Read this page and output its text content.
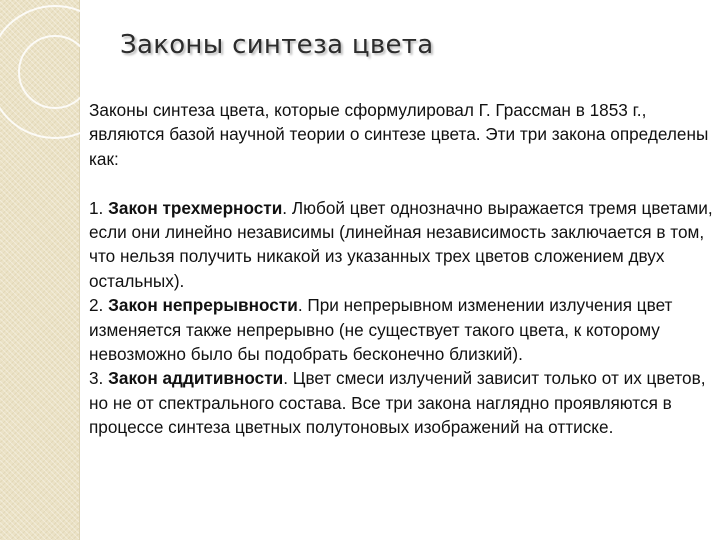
Законы синтеза цвета

Законы синтеза цвета, которые сформулировал Г. Грассман в 1853 г., являются базой научной теории о синтезе цвета. Эти три закона определены как:

1. Закон трехмерности. Любой цвет однозначно выражается тремя цветами, если они линейно независимы (линейная независимость заключается в том, что нельзя получить никакой из указанных трех цветов сложением двух остальных).

2. Закон непрерывности. При непрерывном изменении излучения цвет изменяется также непрерывно (не существует такого цвета, к которому невозможно было бы подобрать бесконечно близкий).

3. Закон аддитивности. Цвет смеси излучений зависит только от их цветов, но не от спектрального состава. Все три закона наглядно проявляются в процессе синтеза цветных полутоновых изображений на оттиске.
